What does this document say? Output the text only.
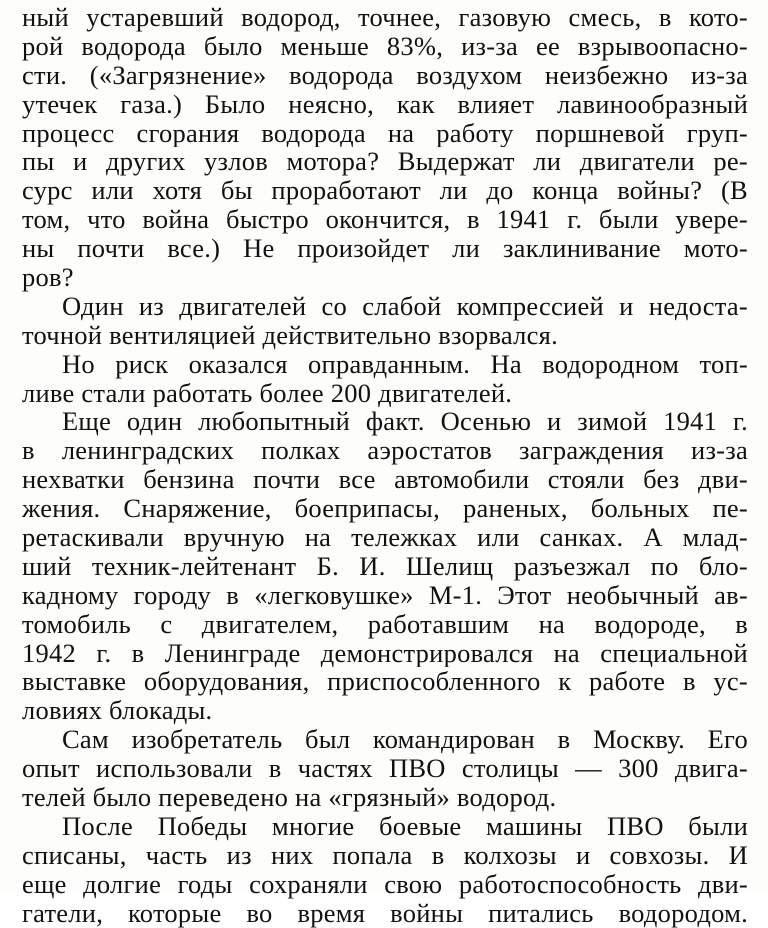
ный устаревший водород, точнее, газовую смесь, в кото-
рой водорода было меньше 83%, из-за ее взрывоопасно-
сти. («Загрязнение» водорода воздухом неизбежно из-за
утечек газа.) Было неясно, как влияет лавинообразный
процесс сгорания водорода на работу поршневой груп-
пы и других узлов мотора? Выдержат ли двигатели ре-
сурс или хотя бы проработают ли до конца войны? (В
том, что война быстро окончится, в 1941 г. были увере-
ны почти все.) Не произойдет ли заклинивание мото-
ров?
Один из двигателей со слабой компрессией и недоста-
точной вентиляцией действительно взорвался.
Но риск оказался оправданным. На водородном топ-
ливе стали работать более 200 двигателей.
Еще один любопытный факт. Осенью и зимой 1941 г.
в ленинградских полках аэростатов заграждения из-за
нехватки бензина почти все автомобили стояли без дви-
жения. Снаряжение, боеприпасы, раненых, больных пе-
ретаскивали вручную на тележках или санках. А млад-
ший техник-лейтенант Б. И. Шелищ разъезжал по бло-
кадному городу в «легковушке» М-1. Этот необычный ав-
томобиль с двигателем, работавшим на водороде, в
1942 г. в Ленинграде демонстрировался на специальной
выставке оборудования, приспособленного к работе в ус-
ловиях блокады.
Сам изобретатель был командирован в Москву. Его
опыт использовали в частях ПВО столицы — 300 двига-
телей было переведено на «грязный» водород.
После Победы многие боевые машины ПВО были
списаны, часть из них попала в колхозы и совхозы. И
еще долгие годы сохраняли свою работоспособность дви-
гатели, которые во время войны питались водородом.
